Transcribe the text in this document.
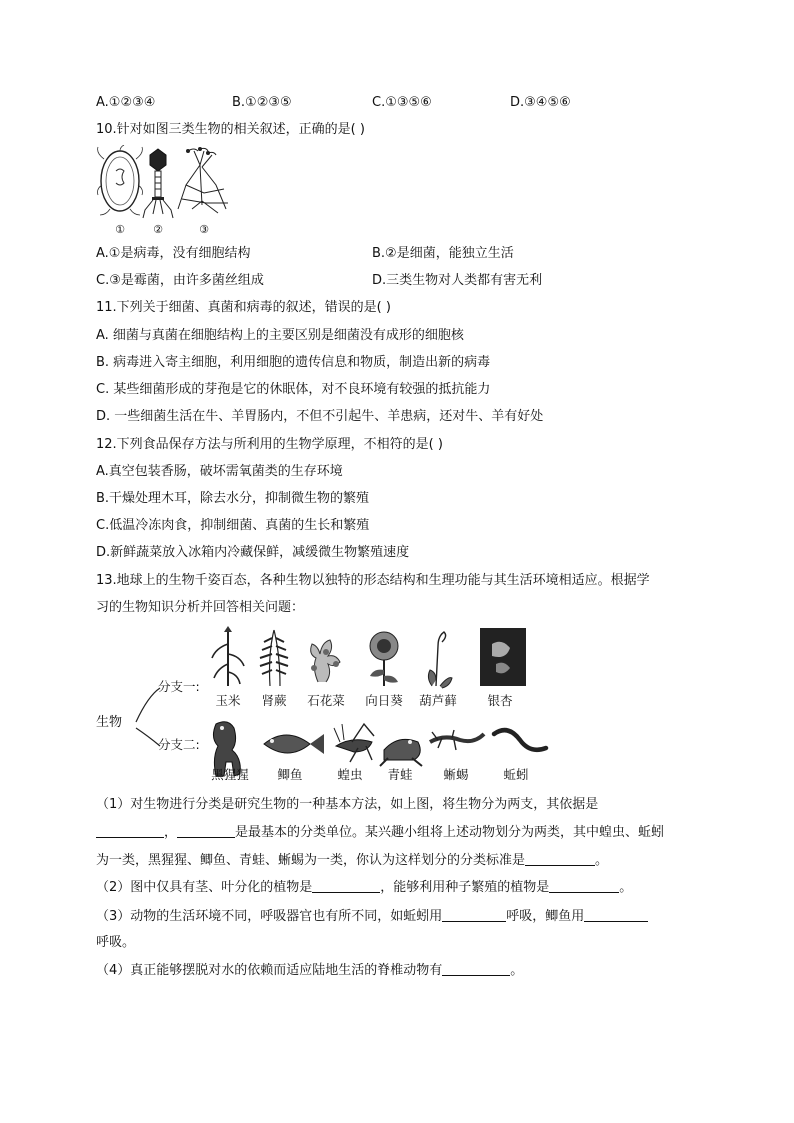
A.①②③④	B.①②③⑤	C.①③⑤⑥	D.③④⑤⑥
10.针对如图三类生物的相关叙述，正确的是( )
①	②	③
A.①是病毒，没有细胞结构	B.②是细菌，能独立生活
C.③是霉菌，由许多菌丝组成	D.三类生物对人类都有害无利
11.下列关于细菌、真菌和病毒的叙述，错误的是( )
A. 细菌与真菌在细胞结构上的主要区别是细菌没有成形的细胞核
B. 病毒进入寄主细胞，利用细胞的遗传信息和物质，制造出新的病毒
C. 某些细菌形成的芽孢是它的休眠体，对不良环境有较强的抵抗能力
D. 一些细菌生活在牛、羊胃肠内，不但不引起牛、羊患病，还对牛、羊有好处
12.下列食品保存方法与所利用的生物学原理，不相符的是( )
A.真空包装香肠，破坏需氧菌类的生存环境
B.干燥处理木耳，除去水分，抑制微生物的繁殖
C.低温冷冻肉食，抑制细菌、真菌的生长和繁殖
D.新鲜蔬菜放入冰箱内冷藏保鲜，减缓微生物繁殖速度
13.地球上的生物千姿百态，各种生物以独特的形态结构和生理功能与其生活环境相适应。根据学
习的生物知识分析并回答相关问题：
生物
分支一:
分支二:
玉米 肾蕨	石花菜	向日葵	葫芦藓	银杏
黑猩猩	鲫鱼	蝗虫 青蛙 蜥蜴	蚯蚓
（1）对生物进行分类是研究生物的一种基本方法，如上图，将生物分为两支，其依据是
，	是最基本的分类单位。某兴趣小组将上述动物划分为两类，其中蝗虫、蚯蚓
为一类，黑猩猩、鲫鱼、青蛙、蜥蜴为一类，你认为这样划分的分类标准是	。
（2）图中仅具有茎、叶分化的植物是	，能够利用种子繁殖的植物是	。
（3）动物的生活环境不同，呼吸器官也有所不同，如蚯蚓用	呼吸，鲫鱼用
呼吸。
（4）真正能够摆脱对水的依赖而适应陆地生活的脊椎动物有	。
